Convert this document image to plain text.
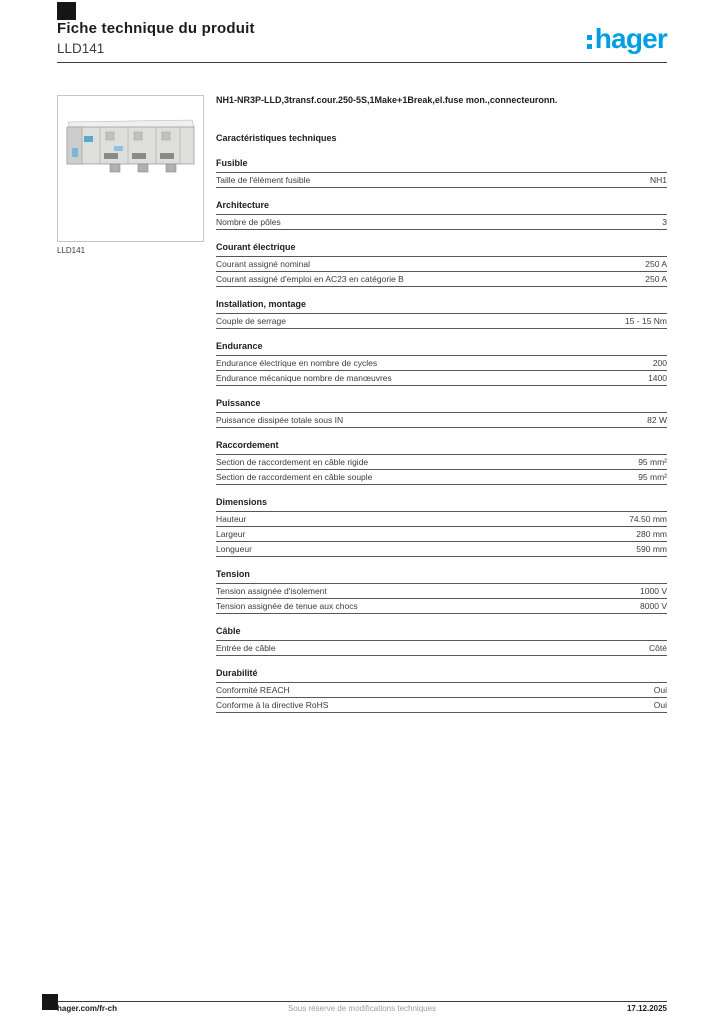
Fiche technique du produit
LLD141	hager
LLD141
NH1-NR3P-LLD,3transf.cour.250-5S,1Make+1Break,el.fuse mon.,connecteuronn.
Caractéristiques techniques
Fusible
Taille de l'élément fusible	NH1
Architecture
Nombre de pôles	3
Courant électrique
Courant assigné nominal	250 A
Courant assigné d'emploi en AC23 en catégorie B	250 A
Installation, montage
Couple de serrage	15 - 15 Nm
Endurance
Endurance électrique en nombre de cycles	200
Endurance mécanique nombre de manœuvres	1400
Puissance
Puissance dissipée totale sous IN	82 W
Raccordement
Section de raccordement en câble rigide	95 mm²
Section de raccordement en câble souple	95 mm²
Dimensions
Hauteur	74.50 mm
Largeur	280 mm
Longueur	590 mm
Tension
Tension assignée d'isolement	1000 V
Tension assignée de tenue aux chocs	8000 V
Câble
Entrée de câble	Côté
Durabilité
Conformité REACH	Oui
Conforme à la directive RoHS	Oui
Sous réserve de modifications techniques
hager.com/fr-ch	17.12.2025
